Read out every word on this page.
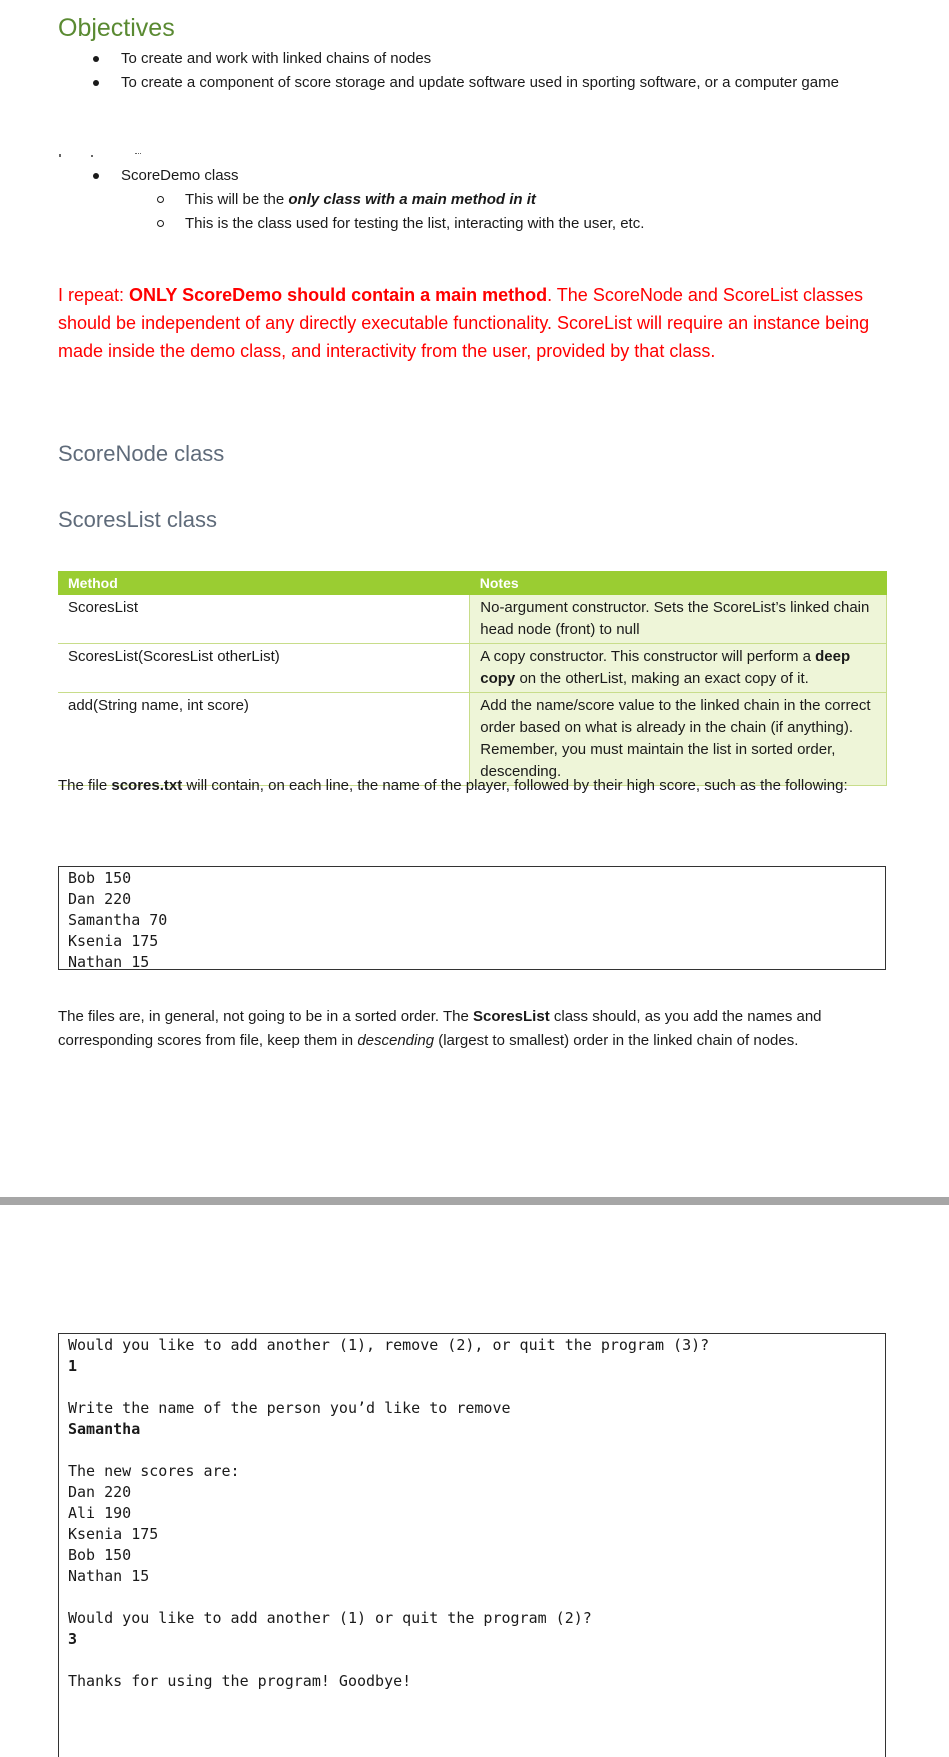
Objectives
To create and work with linked chains of nodes
To create a component of score storage and update software used in sporting software, or a computer game
ScoreDemo class
This will be the only class with a main method in it
This is the class used for testing the list, interacting with the user, etc.
I repeat: ONLY ScoreDemo should contain a main method. The ScoreNode and ScoreList classes should be independent of any directly executable functionality. ScoreList will require an instance being made inside the demo class, and interactivity from the user, provided by that class.
ScoreNode class
ScoresList class
Method	Notes
ScoresList	No-argument constructor. Sets the ScoreList’s linked chain head node (front) to null
ScoresList(ScoresList otherList)	A copy constructor. This constructor will perform a deep copy on the otherList, making an exact copy of it.
add(String name, int score)	Add the name/score value to the linked chain in the correct order based on what is already in the chain (if anything). Remember, you must maintain the list in sorted order, descending.
The file scores.txt will contain, on each line, the name of the player, followed by their high score, such as the following:
Bob 150
Dan 220
Samantha 70
Ksenia 175
Nathan 15
The files are, in general, not going to be in a sorted order. The ScoresList class should, as you add the names and corresponding scores from file, keep them in descending (largest to smallest) order in the linked chain of nodes.
Would you like to add another (1), remove (2), or quit the program (3)?
1
Write the name of the person you’d like to remove
Samantha
The new scores are:
Dan 220
Ali 190
Ksenia 175
Bob 150
Nathan 15
Would you like to add another (1) or quit the program (2)?
3
Thanks for using the program! Goodbye!
